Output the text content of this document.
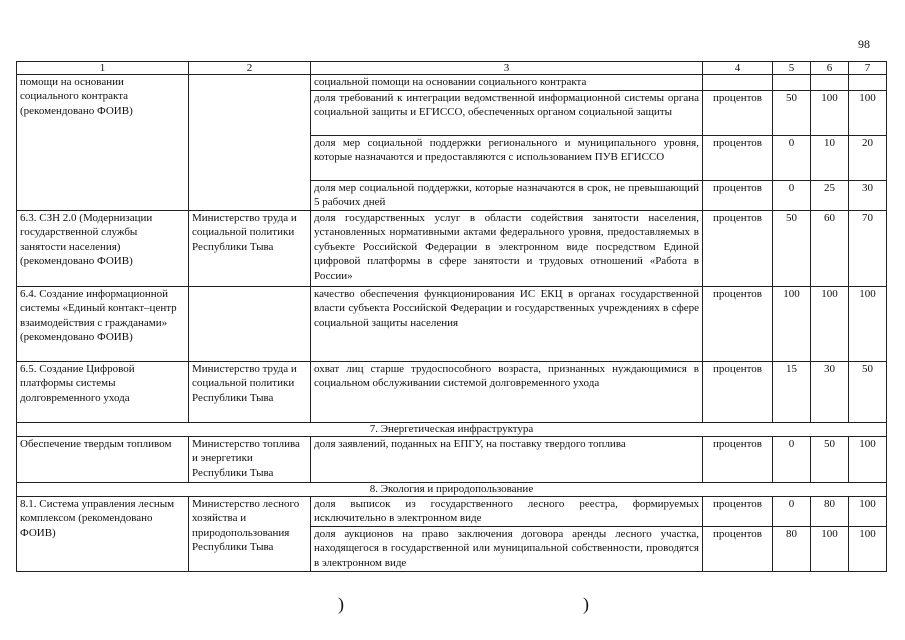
98
1	2	3	4	5	6	7
помощи на основании социального контракта (рекомендовано ФОИВ)		социальной помощи на основании социального контракта				
		доля требований к интеграции ведомственной информационной системы органа социальной защиты и ЕГИССО, обеспеченных органом социальной защиты	процентов	50	100	100
		доля мер социальной поддержки регионального и муниципального уровня, которые назначаются и предоставляются с использованием ПУВ ЕГИССО	процентов	0	10	20
		доля мер социальной поддержки, которые назначаются в срок, не превышающий 5 рабочих дней	процентов	0	25	30
6.3. СЗН 2.0 (Модернизации государственной службы занятости населения) (рекомендовано ФОИВ)	Министерство труда и социальной политики Республики Тыва	доля государственных услуг в области содействия занятости населения, установленных нормативными актами федерального уровня, предоставляемых в субъекте Российской Федерации в электронном виде посредством Единой цифровой платформы в сфере занятости и трудовых отношений «Работа в России»	процентов	50	60	70
6.4. Создание информационной системы «Единый контакт–центр взаимодействия с гражданами» (рекомендовано ФОИВ)		качество обеспечения функционирования ИС ЕКЦ в органах государственной власти субъекта Российской Федерации и государственных учреждениях в сфере социальной защиты населения	процентов	100	100	100
6.5. Создание Цифровой платформы системы долговременного ухода	Министерство труда и социальной политики Республики Тыва	охват лиц старше трудоспособного возраста, признанных нуждающимися в социальном обслуживании системой долговременного ухода	процентов	15	30	50
7. Энергетическая инфраструктура						
Обеспечение твердым топливом	Министерство топлива и энергетики Республики Тыва	доля заявлений, поданных на ЕПГУ, на поставку твердого топлива	процентов	0	50	100
8. Экология и природопользование						
8.1. Система управления лесным комплексом (рекомендовано ФОИВ)	Министерство лесного хозяйства и природопользования Республики Тыва	доля выписок из государственного лесного реестра, формируемых исключительно в электронном виде	процентов	0	80	100
		доля аукционов на право заключения договора аренды лесного участка, находящегося в государственной или муниципальной собственности, проводятся в электронном виде	процентов	80	100	100
)	)
